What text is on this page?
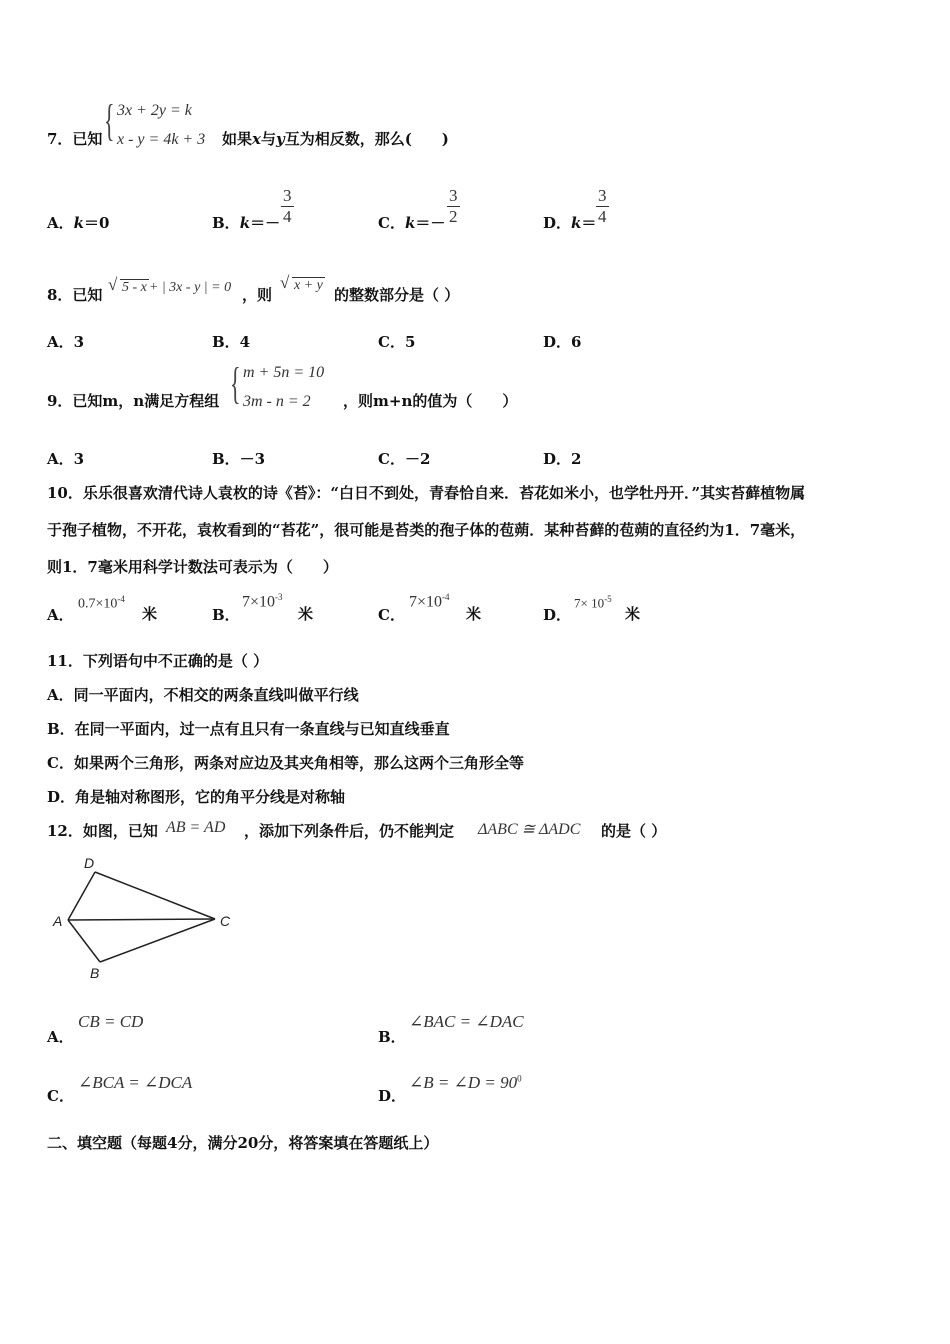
7．已知 { 3x + 2y = k
x - y = 4k + 3 如果x与y互为相反数，那么(　　)
A．k＝0	B．$k=- \frac{3}{4}$	C．$k=- \frac{3}{2}$	D．$k= \frac{3}{4}$
8．已知
√	5 - x + | 3x - y | = 0 ，则
√ x + y
的整数部分是（ ）
A．3	B．4	C．5	D．6
9．已知m，n满足方程组 { m + 5n = 10
3m - n = 2 ，则m+n的值为（　　）
A．3	B．－3	C．－2	D．2
10．乐乐很喜欢清代诗人袁枚的诗《苔》：“白日不到处，青春恰自来．苔花如米小，也学牡丹开．”其实苔藓植物属
于孢子植物，不开花，袁枚看到的“苔花”，很可能是苔类的孢子体的苞蒴．某种苔藓的苞蒴的直径约为1．7毫米，
则1．7毫米用科学计数法可表示为（　　）
A．
$0.7\times 10^{-4}$
米	B．
$7\times 10^{-3}$
米	C．
$7\times 10^{-4}$
米	D．
$7\times 10^{-5}$
米
11．下列语句中不正确的是（ ）
A．同一平面内，不相交的两条直线叫做平行线
B．在同一平面内，过一点有且只有一条直线与已知直线垂直
C．如果两个三角形，两条对应边及其夹角相等，那么这两个三角形全等
D．角是轴对称图形，它的角平分线是对称轴
12．如图，已知 AB = AD ，添加下列条件后，仍不能判定 ΔABC ≅ ΔADC 的是（ ）
D
A	C
B
A．
CB = CD
B．
∠BAC = ∠DAC
C．
∠BCA = ∠DCA
D．
∠B = ∠D = $90^0$
二、填空题（每题4分，满分20分，将答案填在答题纸上）
